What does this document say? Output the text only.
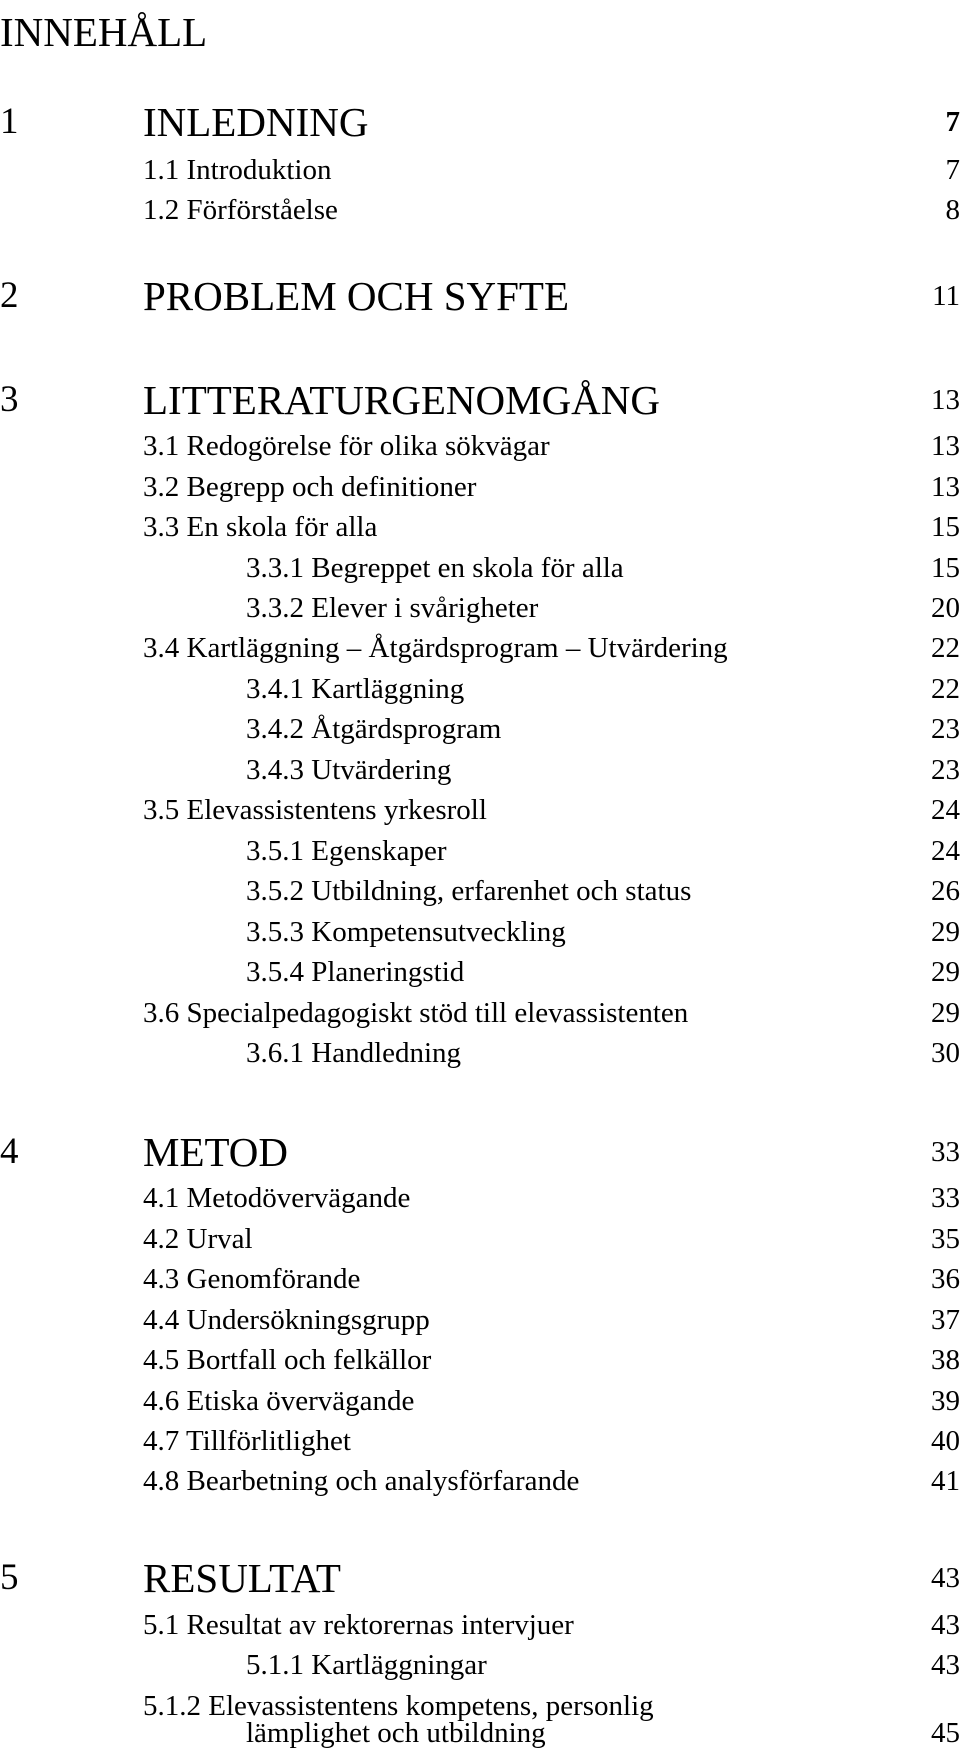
INNEHÅLL
1	INLEDNING	7
1.1 Introduktion	7
1.2 Förförståelse	8
2	PROBLEM OCH SYFTE	11
3	LITTERATURGENOMGÅNG	13
3.1 Redogörelse för olika sökvägar	13
3.2 Begrepp och definitioner	13
3.3 En skola för alla	15
3.3.1 Begreppet en skola för alla	15
3.3.2 Elever i svårigheter	20
3.4 Kartläggning – Åtgärdsprogram – Utvärdering	22
3.4.1 Kartläggning	22
3.4.2 Åtgärdsprogram	23
3.4.3 Utvärdering	23
3.5 Elevassistentens yrkesroll	24
3.5.1 Egenskaper	24
3.5.2 Utbildning, erfarenhet och status	26
3.5.3 Kompetensutveckling	29
3.5.4 Planeringstid	29
3.6 Specialpedagogiskt stöd till elevassistenten	29
3.6.1 Handledning	30
4	METOD	33
4.1 Metodövervägande	33
4.2 Urval	35
4.3 Genomförande	36
4.4 Undersökningsgrupp	37
4.5 Bortfall och felkällor	38
4.6 Etiska övervägande	39
4.7 Tillförlitlighet	40
4.8 Bearbetning och analysförfarande	41
5	RESULTAT	43
5.1 Resultat av rektorernas intervjuer	43
5.1.1 Kartläggningar	43
5.1.2 Elevassistentens kompetens, personlig
lämplighet och utbildning	45
